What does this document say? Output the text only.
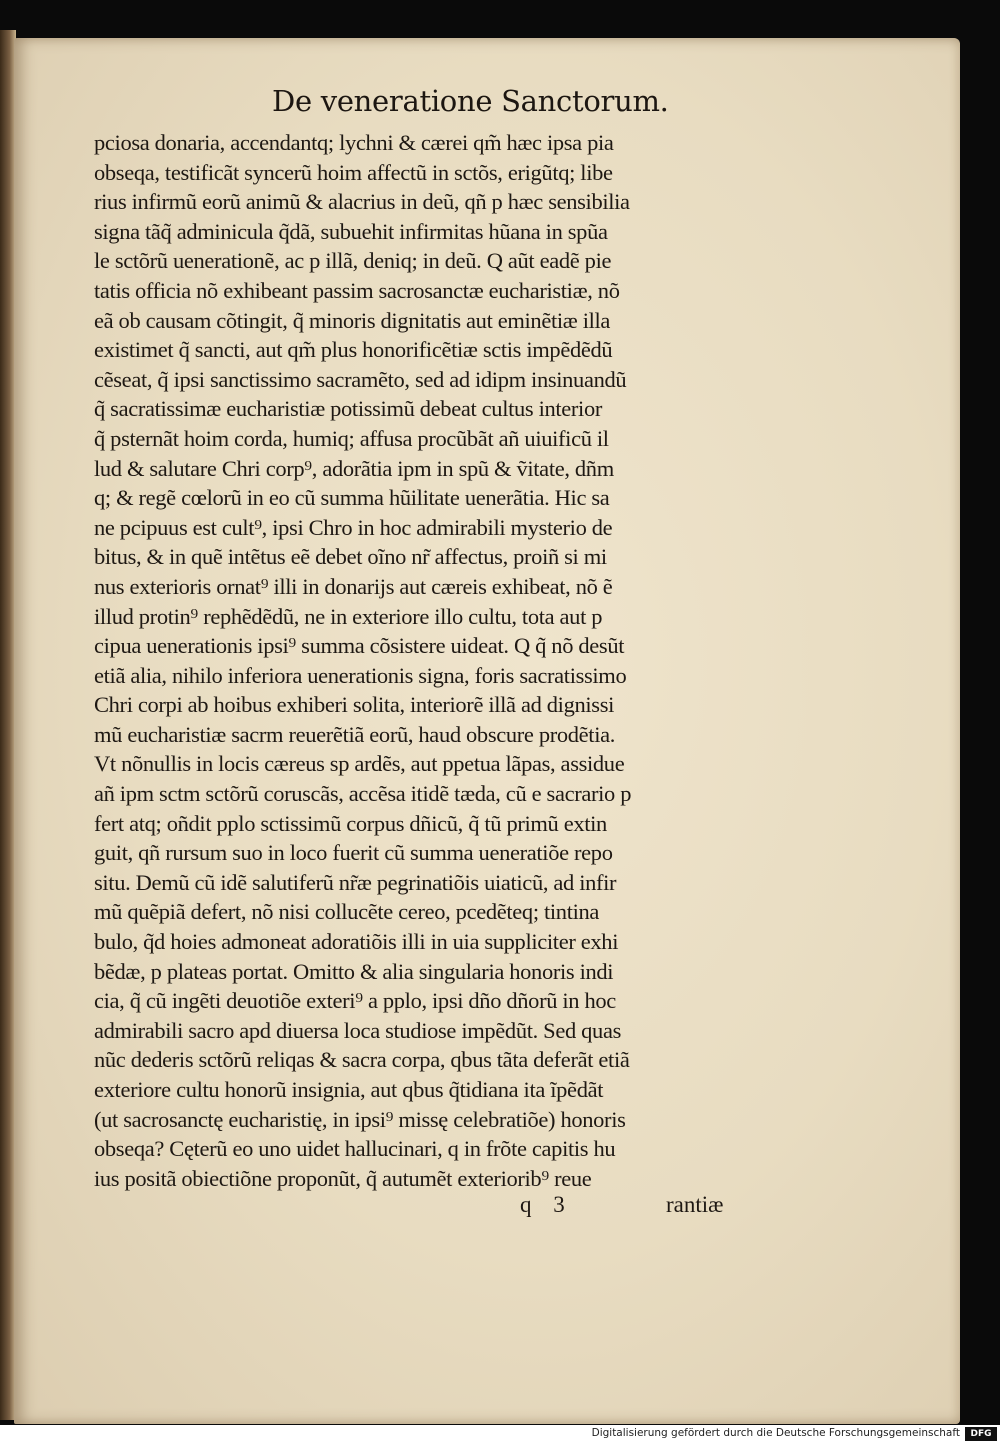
De veneratione Sanctorum.
pciosa donaria, accendantq; lychni & cærei qm̃ hæc ipsa pia
obseqa, testificãt syncerũ hoim affectũ in sctõs, erigũtq; libe
rius infirmũ eorũ animũ & alacrius in deũ, qñ p hæc sensibilia
signa tãq̃ adminicula q̃dã, subuehit infirmitas hũana in spũa
le sctõrũ uenerationẽ, ac p illã, deniq; in deũ. Q aũt eadẽ pie
tatis officia nõ exhibeant passim sacrosanctæ eucharistiæ, nõ
eã ob causam cõtingit, q̃ minoris dignitatis aut eminẽtiæ illa
existimet q̃ sancti, aut qm̃ plus honorificẽtiæ sctis impẽdẽdũ
cẽseat, q̃ ipsi sanctissimo sacramẽto, sed ad idipm insinuandũ
q̃ sacratissimæ eucharistiæ potissimũ debeat cultus interior
q̃ psternãt hoim corda, humiq; affusa procũbãt añ uiuificũ il
lud & salutare Chri corp⁹, adorãtia ipm in spũ & ṽitate, dñm
q; & regẽ cœlorũ in eo cũ summa hũilitate uenerãtia. Hic sa
ne pcipuus est cult⁹, ipsi Chro in hoc admirabili mysterio de
bitus, & in quẽ intẽtus eẽ debet oĩno nr̃ affectus, proiñ si mi
nus exterioris ornat⁹ illi in donarijs aut cæreis exhibeat, nõ ẽ
illud protin⁹ rephẽdẽdũ, ne in exteriore illo cultu, tota aut p
cipua uenerationis ipsi⁹ summa cõsistere uideat. Q q̃ nõ desũt
etiã alia, nihilo inferiora uenerationis signa, foris sacratissimo
Chri corpi ab hoibus exhiberi solita, interiorẽ illã ad dignissi
mũ eucharistiæ sacrm reuerẽtiã eorũ, haud obscure prodẽtia.
Vt nõnullis in locis cæreus sp ardẽs, aut ppetua lãpas, assidue
añ ipm sctm sctõrũ coruscãs, accẽsa itidẽ tæda, cũ e sacrario p
fert atq; oñdit pplo sctissimũ corpus dñicũ, q̃ tũ primũ extin
guit, qñ rursum suo in loco fuerit cũ summa ueneratiõe repo
situ. Demũ cũ idẽ salutiferũ nr̃æ pegrinatiõis uiaticũ, ad infir
mũ quẽpiã defert, nõ nisi collucẽte cereo, pcedẽteq; tintina
bulo, q̃d hoies admoneat adoratiõis illi in uia suppliciter exhi
bẽdæ, p plateas portat. Omitto & alia singularia honoris indi
cia, q̃ cũ ingẽti deuotiõe exteri⁹ a pplo, ipsi dño dñorũ in hoc
admirabili sacro apd diuersa loca studiose impẽdũt. Sed quas
nũc dederis sctõrũ reliqas & sacra corpa, qbus tãta deferãt etiã
exteriore cultu honorũ insignia, aut qbus q̃tidiana ita ĩpẽdãt
(ut sacrosanctę eucharistię, in ipsi⁹ missę celebratiõe) honoris
obseqa? Cęterũ eo uno uidet hallucinari, q in frõte capitis hu
ius positã obiectiõne proponũt, q̃ autumẽt exteriorib⁹ reue
q 3	rantiæ
Digitalisierung gefördert durch die Deutsche Forschungsgemeinschaft	DFG
